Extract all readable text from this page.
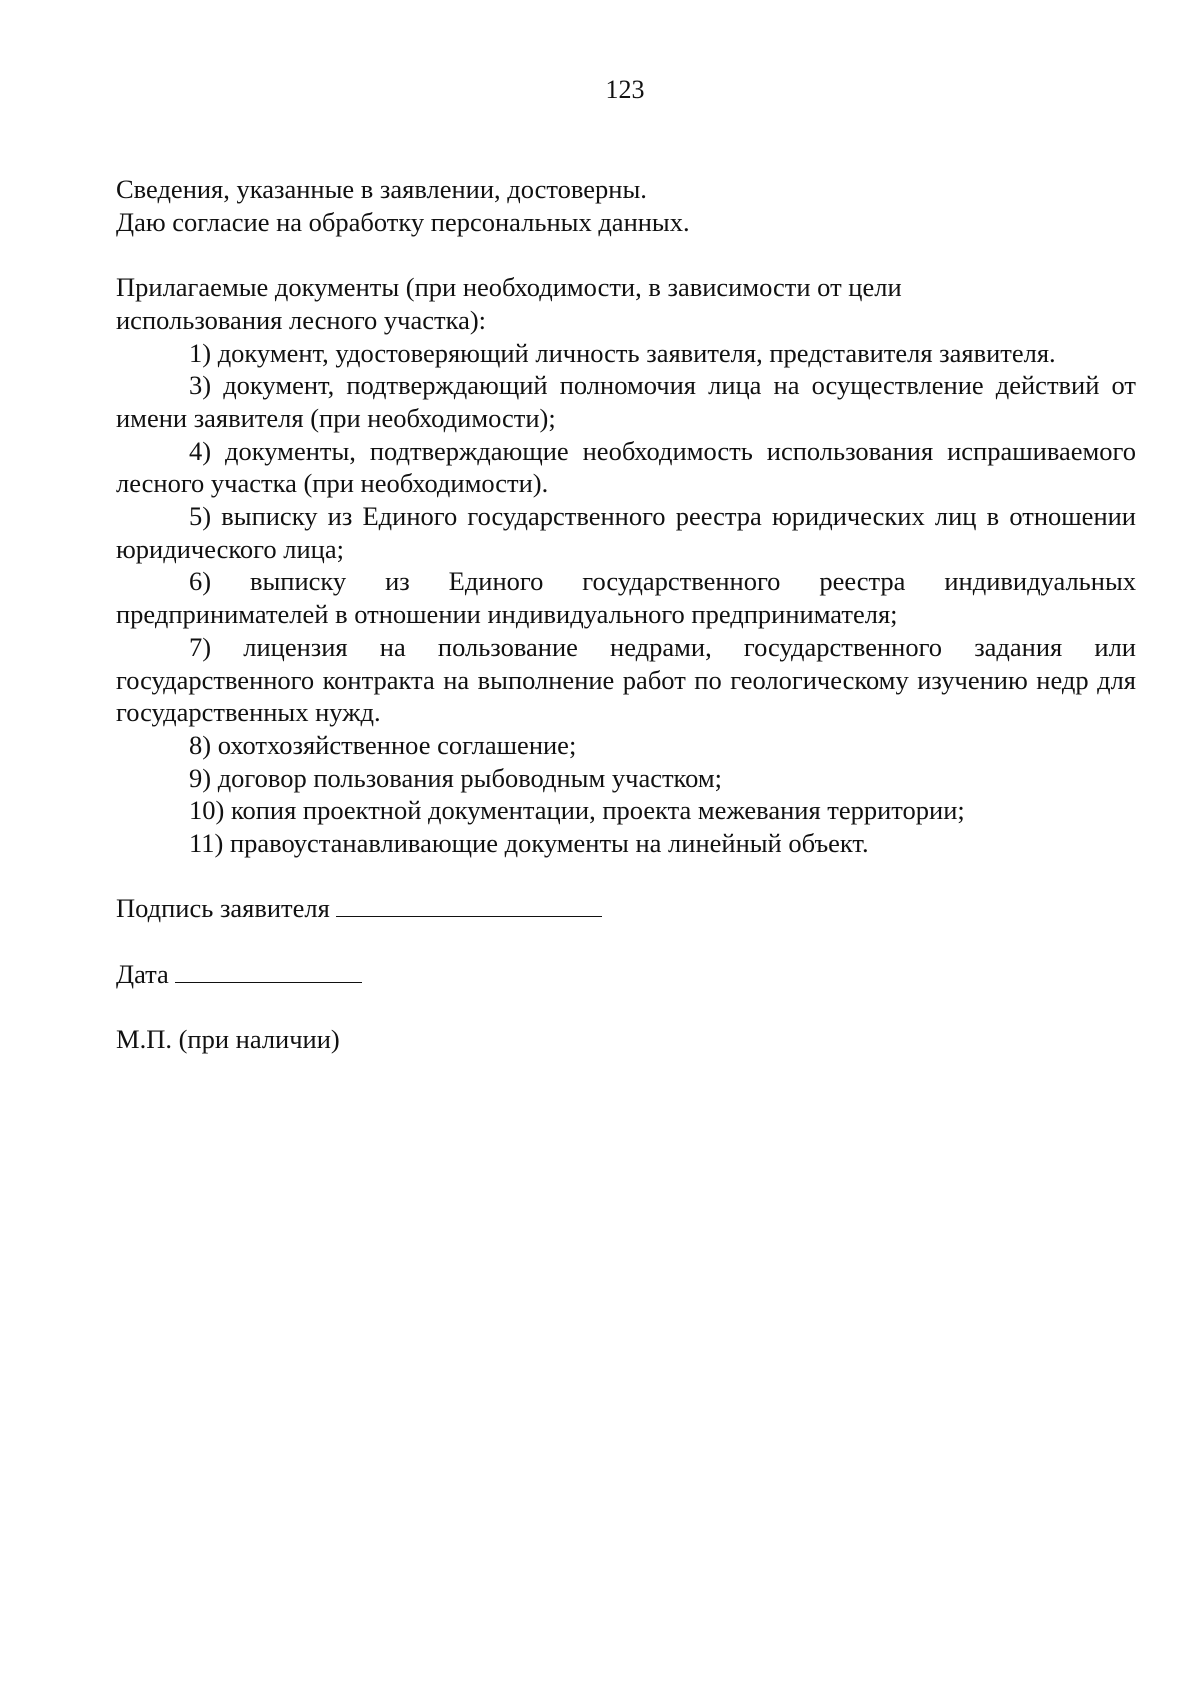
123
Сведения, указанные в заявлении, достоверны.
Даю согласие на обработку персональных данных.
Прилагаемые документы (при необходимости, в зависимости от цели
использования лесного участка):

1) документ, удостоверяющий личность заявителя, представителя заявителя.

3) документ, подтверждающий полномочия лица на осуществление действий от имени заявителя (при необходимости);

4) документы, подтверждающие необходимость использования испрашиваемого лесного участка (при необходимости).

5) выписку из Единого государственного реестра юридических лиц в отношении юридического лица;

6) выписку из Единого государственного реестра индивидуальных предпринимателей в отношении индивидуального предпринимателя;

7) лицензия на пользование недрами, государственного задания или государственного контракта на выполнение работ по геологическому изучению недр для государственных нужд.

8) охотхозяйственное соглашение;

9) договор пользования рыбоводным участком;

10) копия проектной документации, проекта межевания территории;

11) правоустанавливающие документы на линейный объект.

Подпись заявителя
Дата
М.П. (при наличии)
